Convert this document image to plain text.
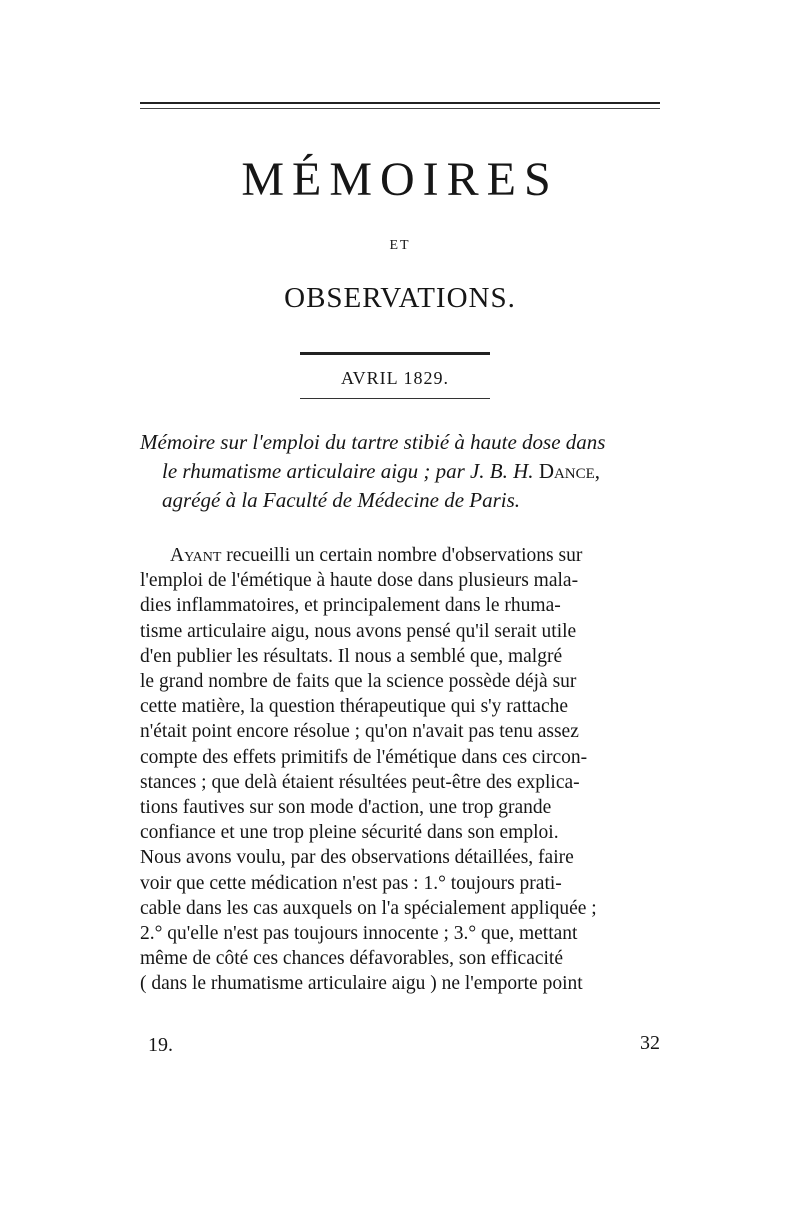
MÉMOIRES
ET
OBSERVATIONS.
AVRIL 1829.
Mémoire sur l'emploi du tartre stibié à haute dose dans
le rhumatisme articulaire aigu ; par J. B. H. Dance,
agrégé à la Faculté de Médecine de Paris.
Ayant recueilli un certain nombre d'observations sur
l'emploi de l'émétique à haute dose dans plusieurs mala-
dies inflammatoires, et principalement dans le rhuma-
tisme articulaire aigu, nous avons pensé qu'il serait utile
d'en publier les résultats. Il nous a semblé que, malgré
le grand nombre de faits que la science possède déjà sur
cette matière, la question thérapeutique qui s'y rattache
n'était point encore résolue ; qu'on n'avait pas tenu assez
compte des effets primitifs de l'émétique dans ces circon-
stances ; que delà étaient résultées peut-être des explica-
tions fautives sur son mode d'action, une trop grande
confiance et une trop pleine sécurité dans son emploi.
Nous avons voulu, par des observations détaillées, faire
voir que cette médication n'est pas : 1.° toujours prati-
cable dans les cas auxquels on l'a spécialement appliquée ;
2.° qu'elle n'est pas toujours innocente ; 3.° que, mettant
même de côté ces chances défavorables, son efficacité
( dans le rhumatisme articulaire aigu ) ne l'emporte point
19.	32
